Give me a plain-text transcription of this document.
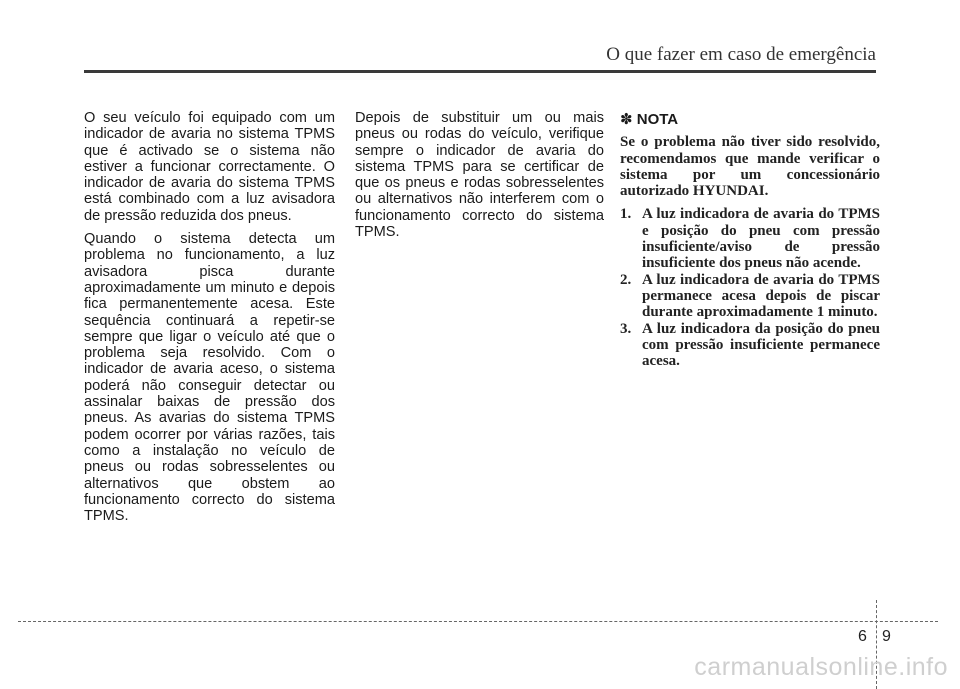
O que fazer em caso de emergência

O seu veículo foi equipado com um indicador de avaria no sistema TPMS que é activado se o sistema não estiver a funcionar correctamente. O indicador de avaria do sistema TPMS está combinado com a luz avisadora de pressão reduzida dos pneus.

Quando o sistema detecta um problema no funcionamento, a luz avisadora pisca durante aproximadamente um minuto e depois fica permanentemente acesa. Este sequência continuará a repetir-se sempre que ligar o veículo até que o problema seja resolvido. Com o indicador de avaria aceso, o sistema poderá não conseguir detectar ou assinalar baixas de pressão dos pneus. As avarias do sistema TPMS podem ocorrer por várias razões, tais como a instalação no veículo de pneus ou rodas sobresselentes ou alternativos que obstem ao funcionamento correcto do sistema TPMS.

Depois de substituir um ou mais pneus ou rodas do veículo, verifique sempre o indicador de avaria do sistema TPMS para se certificar de que os pneus e rodas sobresselentes ou alternativos não interferem com o funcionamento correcto do sistema TPMS.

✽ NOTA

Se o problema não tiver sido resolvido, recomendamos que mande verificar o sistema por um concessionário autorizado HYUNDAI.

1. A luz indicadora de avaria do TPMS e posição do pneu com pressão insuficiente/aviso de pressão insuficiente dos pneus não acende.
2. A luz indicadora de avaria do TPMS permanece acesa depois de piscar durante aproximadamente 1 minuto.
3. A luz indicadora da posição do pneu com pressão insuficiente permanece acesa.
6 9
carmanualsonline.info
